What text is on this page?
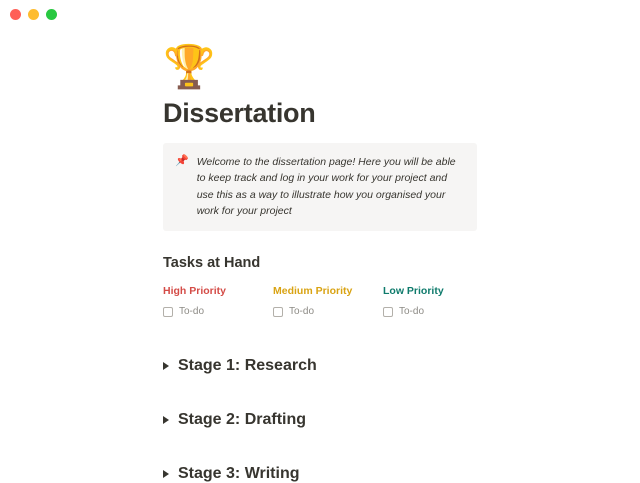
🏆
Dissertation
📌 Welcome to the dissertation page! Here you will be able to keep track and log in your work for your project and use this as a way to illustrate how you organised your work for your project
Tasks at Hand
High Priority
To-do
Medium Priority
To-do
Low Priority
To-do
Stage 1: Research
Stage 2: Drafting
Stage 3: Writing
